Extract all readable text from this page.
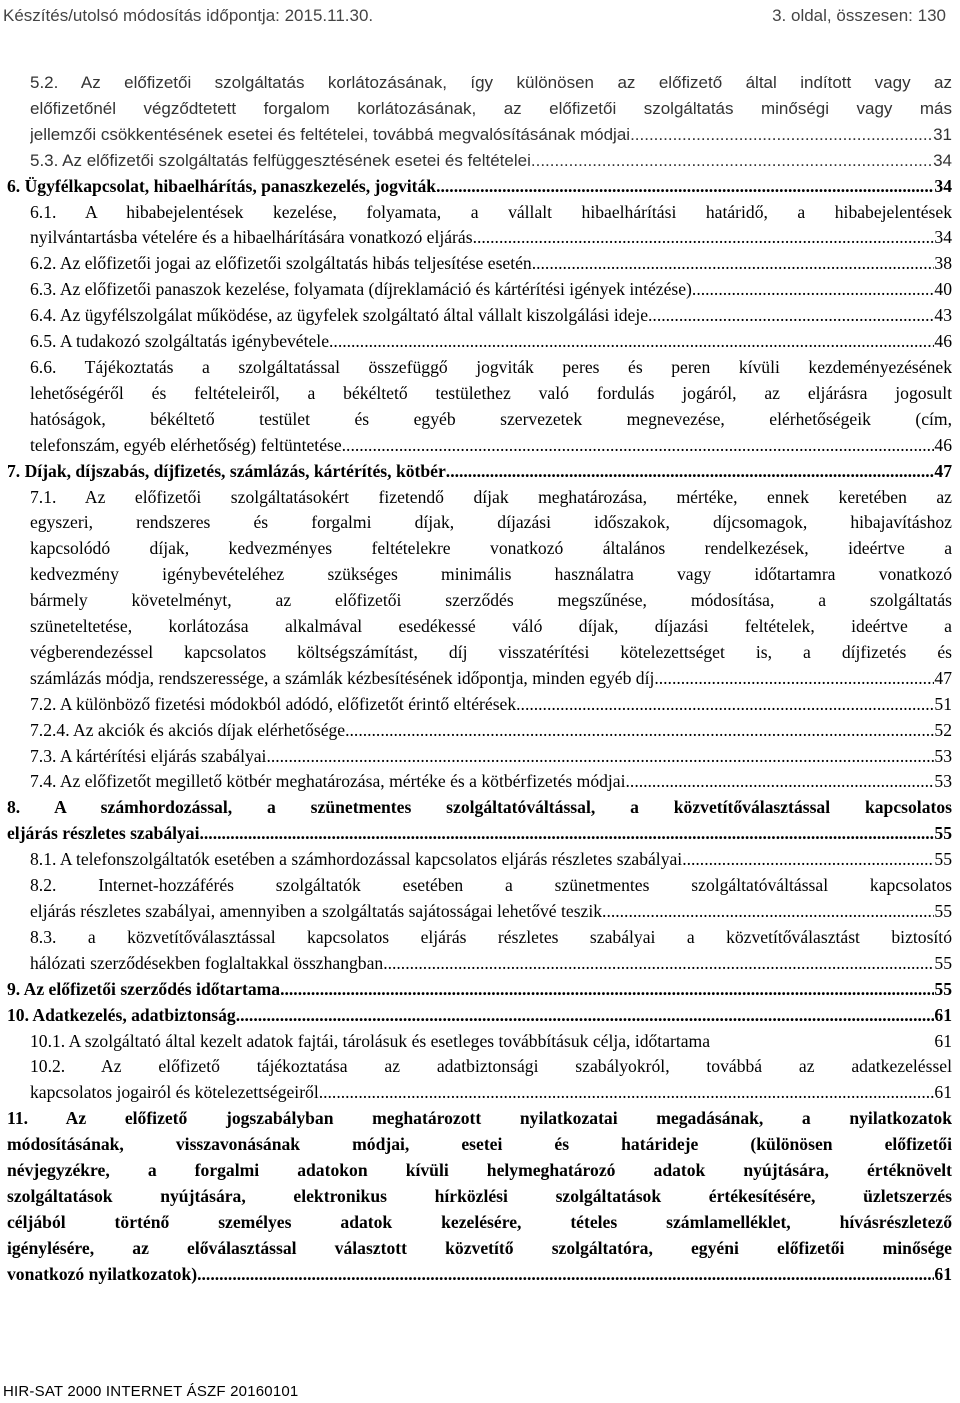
Készítés/utolsó módosítás időpontja: 2015.11.30.	3. oldal, összesen: 130
5.2. Az előfizetői szolgáltatás korlátozásának, így különösen az előfizető által indított vagy az
előfizetőnél végződtetett forgalom korlátozásának, az előfizetői szolgáltatás minőségi vagy más
jellemzői csökkentésének esetei és feltételei, továbbá megvalósításának módjai .....	31
5.3. Az előfizetői szolgáltatás felfüggesztésének esetei és feltételei .....	34
6. Ügyfélkapcsolat, hibaelhárítás, panaszkezelés, jogviták .....	34
6.1. A hibabejelentések kezelése, folyamata, a vállalt hibaelhárítási határidő, a hibabejelentések
nyilvántartásba vételére és a hibaelhárítására vonatkozó eljárás .....	34
6.2. Az előfizetői jogai az előfizetői szolgáltatás hibás teljesítése esetén .....	38
6.3. Az előfizetői panaszok kezelése, folyamata (díjreklamáció és kártérítési igények intézése) .....	40
6.4. Az ügyfélszolgálat működése, az ügyfelek szolgáltató által vállalt kiszolgálási ideje .....	43
6.5. A tudakozó szolgáltatás igénybevétele .....	46
6.6. Tájékoztatás a szolgáltatással összefüggő jogviták peres és peren kívüli kezdeményezésének
lehetőségéről és feltételeiről, a békéltető testülethez való fordulás jogáról, az eljárásra jogosult
hatóságok, békéltető testület és egyéb szervezetek megnevezése, elérhetőségeik (cím,
telefonszám, egyéb elérhetőség) feltüntetése .....	46
7. Díjak, díjszabás, díjfizetés, számlázás, kártérítés, kötbér .....	47
7.1. Az előfizetői szolgáltatásokért fizetendő díjak meghatározása, mértéke, ennek keretében az
egyszeri, rendszeres és forgalmi díjak, díjazási időszakok, díjcsomagok, hibajavításhoz
kapcsolódó díjak, kedvezményes feltételekre vonatkozó általános rendelkezések, ideértve a
kedvezmény igénybevételéhez szükséges minimális használatra vagy időtartamra vonatkozó
bármely követelményt, az előfizetői szerződés megszűnése, módosítása, a szolgáltatás
szüneteltetése, korlátozása alkalmával esedékessé váló díjak, díjazási feltételek, ideértve a
végberendezéssel kapcsolatos költségszámítást, díj visszatérítési kötelezettséget is, a díjfizetés és
számlázás módja, rendszeressége, a számlák kézbesítésének időpontja, minden egyéb díj .....	47
7.2. A különböző fizetési módokból adódó, előfizetőt érintő eltérések .....	51
7.2.4. Az akciók és akciós díjak elérhetősége .....	52
7.3. A kártérítési eljárás szabályai .....	53
7.4. Az előfizetőt megillető kötbér meghatározása, mértéke és a kötbérfizetés módjai .....	53
8. A számhordozással, a szünetmentes szolgáltatóváltással, a közvetítőválasztással kapcsolatos
eljárás részletes szabályai .....	55
8.1. A telefonszolgáltatók esetében a számhordozással kapcsolatos eljárás részletes szabályai .....	55
8.2. Internet-hozzáférés szolgáltatók esetében a szünetmentes szolgáltatóváltással kapcsolatos
eljárás részletes szabályai, amennyiben a szolgáltatás sajátosságai lehetővé teszik .....	55
8.3. a közvetítőválasztással kapcsolatos eljárás részletes szabályai a közvetítőválasztást biztosító
hálózati szerződésekben foglaltakkal összhangban .....	55
9. Az előfizetői szerződés időtartama .....	55
10. Adatkezelés, adatbiztonság .....	61
10.1. A szolgáltató által kezelt adatok fajtái, tárolásuk és esetleges továbbításuk célja, időtartama	61
10.2. Az előfizető tájékoztatása az adatbiztonsági szabályokról, továbbá az adatkezeléssel
kapcsolatos jogairól és kötelezettségeiről .....	61
11. Az előfizető jogszabályban meghatározott nyilatkozatai megadásának, a nyilatkozatok
módosításának, visszavonásának módjai, esetei és határideje (különösen előfizetői
névjegyzékre, a forgalmi adatokon kívüli helymeghatározó adatok nyújtására, értéknövelt
szolgáltatások nyújtására, elektronikus hírközlési szolgáltatások értékesítésére, üzletszerzés
céljából történő személyes adatok kezelésére, tételes számlamelléklet, hívásrészletező
igénylésére, az előválasztással választott közvetítő szolgáltatóra, egyéni előfizetői minősége
vonatkozó nyilatkozatok) .....	61
HIR-SAT 2000 INTERNET ÁSZF 20160101
